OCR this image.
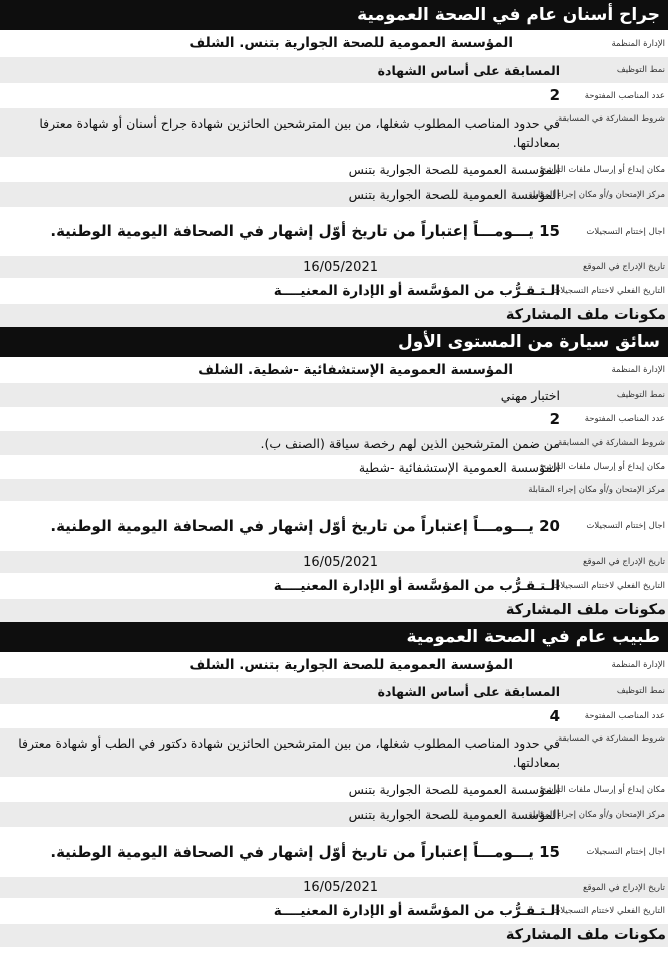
جراح أسنان عام في الصحة العمومية
الإدارة المنظمة
المؤسسة العمومية للصحة الجوارية بتنس. الشلف
نمط التوظيف
المسابقة على أساس الشهادة
عدد المناصب المفتوحة
2
شروط المشاركة في المسابقة
في حدود المناصب المطلوب شغلها، من بين المترشحين الحائزين شهادة جراح أسنان أو شهادة معترفا بمعادلتها.
مكان إيداع أو إرسال ملفات الترشح
المؤسسة العمومية للصحة الجوارية بتنس
مركز الإمتحان و/أو مكان إجراء المقابلة
المؤسسة العمومية للصحة الجوارية بتنس
اجال إختتام التسجيلات
15 يـــومـــاً إعتباراً من تاريخ أوّل إشهار في الصحافة اليومية الوطنية.
تاريخ الإدراج في الموقع
16/05/2021
التاريخ الفعلي لاختتام التسجيلات
الـتـقـرُّب من المؤسَّسة أو الإدارة المعنيــــة
مكونات ملف المشاركة
سائق سيارة من المستوى الأول
الإدارة المنظمة
المؤسسة العمومية الإستشفائية -شطية. الشلف
نمط التوظيف
اختبار مهني
عدد المناصب المفتوحة
2
شروط المشاركة في المسابقة
من ضمن المترشحين الذين لهم رخصة سياقة (الصنف ب).
مكان إيداع أو إرسال ملفات الترشح
المؤسسة العمومية الإستشفائية -شطية
مركز الإمتحان و/أو مكان إجراء المقابلة
اجال إختتام التسجيلات
20 يـــومـــاً إعتباراً من تاريخ أوّل إشهار في الصحافة اليومية الوطنية.
تاريخ الإدراج في الموقع
16/05/2021
التاريخ الفعلي لاختتام التسجيلات
الـتـقـرُّب من المؤسَّسة أو الإدارة المعنيــــة
مكونات ملف المشاركة
طبيب عام في الصحة العمومية
الإدارة المنظمة
المؤسسة العمومية للصحة الجوارية بتنس. الشلف
نمط التوظيف
المسابقة على أساس الشهادة
عدد المناصب المفتوحة
4
شروط المشاركة في المسابقة
في حدود المناصب المطلوب شغلها، من بين المترشحين الحائزين شهادة دكتور في الطب أو شهادة معترفا بمعادلتها.
مكان إيداع أو إرسال ملفات الترشح
المؤسسة العمومية للصحة الجوارية بتنس
مركز الإمتحان و/أو مكان إجراء المقابلة
المؤسسة العمومية للصحة الجوارية بتنس
اجال إختتام التسجيلات
15 يـــومـــاً إعتباراً من تاريخ أوّل إشهار في الصحافة اليومية الوطنية.
تاريخ الإدراج في الموقع
16/05/2021
التاريخ الفعلي لاختتام التسجيلات
الـتـقـرُّب من المؤسَّسة أو الإدارة المعنيــــة
مكونات ملف المشاركة
